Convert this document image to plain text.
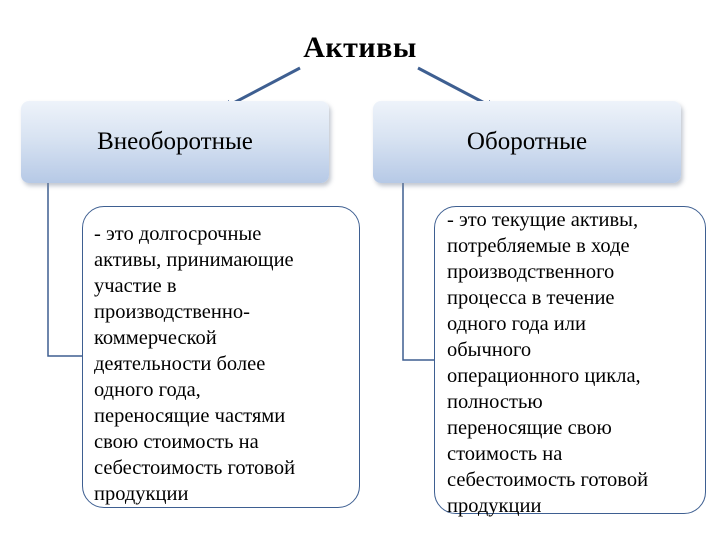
Активы
Внеоборотные	Оборотные
- это долгосрочные
активы, принимающие
участие в
производственно-
коммерческой
деятельности более
одного года,
переносящие частями
свою стоимость на
себестоимость готовой
продукции
- это текущие активы,
потребляемые в ходе
производственного
процесса в течение
одного года или
обычного
операционного цикла,
полностью
переносящие свою
стоимость на
себестоимость готовой
продукции
